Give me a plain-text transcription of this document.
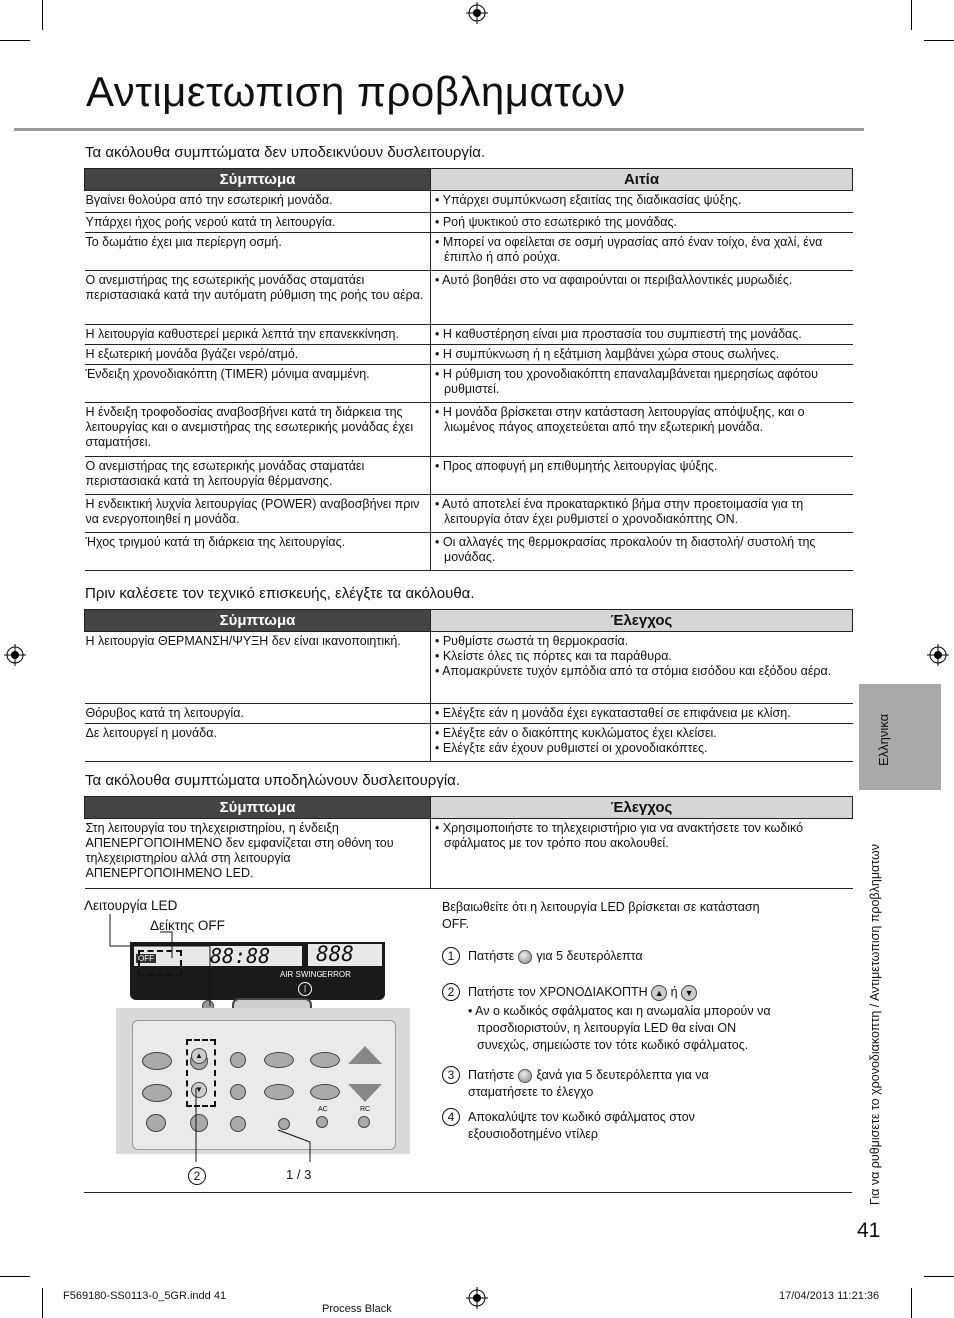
Αντιμετωπιση προβληματων
Τα ακόλουθα συμπτώματα δεν υποδεικνύουν δυσλειτουργία.
Σύμπτωμα	Αιτία
Βγαίνει θολούρα από την εσωτερική μονάδα.	• Υπάρχει συμπύκνωση εξαιτίας της διαδικασίας ψύξης.

Υπάρχει ήχος ροής νερού κατά τη λειτουργία.	• Ροή ψυκτικού στο εσωτερικό της μονάδας.

Το δωμάτιο έχει μια περίεργη οσμή.	• Μπορεί να οφείλεται σε οσμή υγρασίας από έναν τοίχο, ένα χαλί, ένα έπιπλο ή από ρούχα.

Ο ανεμιστήρας της εσωτερικής μονάδας σταματάει περιστασιακά κατά την αυτόματη ρύθμιση της ροής του αέρα.	• Αυτό βοηθάει στο να αφαιρούνται οι περιβαλλοντικές μυρωδιές.

Η λειτουργία καθυστερεί μερικά λεπτά την επανεκκίνηση.	• Η καθυστέρηση είναι μια προστασία του συμπιεστή της μονάδας.

Η εξωτερική μονάδα βγάζει νερό/ατμό.	• Η συμπύκνωση ή η εξάτμιση λαμβάνει χώρα στους σωλήνες.

Ένδειξη χρονοδιακόπτη (TIMER) μόνιμα αναμμένη.	• Η ρύθμιση του χρονοδιακόπτη επαναλαμβάνεται ημερησίως αφότου ρυθμιστεί.

Η ένδειξη τροφοδοσίας αναβοσβήνει κατά τη διάρκεια της λειτουργίας και ο ανεμιστήρας της εσωτερικής μονάδας έχει σταματήσει.	• Η μονάδα βρίσκεται στην κατάσταση λειτουργίας απόψυξης, και ο λιωμένος πάγος αποχετεύεται από την εξωτερική μονάδα.

Ο ανεμιστήρας της εσωτερικής μονάδας σταματάει περιστασιακά κατά τη λειτουργία θέρμανσης.	• Προς αποφυγή μη επιθυμητής λειτουργίας ψύξης.

Η ενδεικτική λυχνία λειτουργίας (POWER) αναβοσβήνει πριν να ενεργοποιηθεί η μονάδα.	• Αυτό αποτελεί ένα προκαταρκτικό βήμα στην προετοιμασία για τη λειτουργία όταν έχει ρυθμιστεί ο χρονοδιακόπτης ON.

Ήχος τριγμού κατά τη διάρκεια της λειτουργίας.	• Οι αλλαγές της θερμοκρασίας προκαλούν τη διαστολή/ συστολή της μονάδας.
Πριν καλέσετε τον τεχνικό επισκευής, ελέγξτε τα ακόλουθα.
Σύμπτωμα	Έλεγχος
Η λειτουργία ΘΕΡΜΑΝΣΗ/ΨΥΞΗ δεν είναι ικανοποιητική.	• Ρυθμίστε σωστά τη θερμοκρασία.
• Κλείστε όλες τις πόρτες και τα παράθυρα.
• Απομακρύνετε τυχόν εμπόδια από τα στόμια εισόδου και εξόδου αέρα.

Θόρυβος κατά τη λειτουργία.	• Ελέγξτε εάν η μονάδα έχει εγκατασταθεί σε επιφάνεια με κλίση.

Δε λειτουργεί η μονάδα.	• Ελέγξτε εάν ο διακόπτης κυκλώματος έχει κλείσει.
• Ελέγξτε εάν έχουν ρυθμιστεί οι χρονοδιακόπτες.
Τα ακόλουθα συμπτώματα υποδηλώνουν δυσλειτουργία.
Σύμπτωμα	Έλεγχος
Στη λειτουργία του τηλεχειριστηρίου, η ένδειξη ΑΠΕΝΕΡΓΟΠΟΙΗΜΕΝΟ δεν εμφανίζεται στη οθόνη του τηλεχειριστηρίου αλλά στη λειτουργία ΑΠΕΝΕΡΓΟΠΟΙΗΜΕΝΟ LED.	• Χρησιμοποιήστε το τηλεχειριστήριο για να ανακτήσετε τον κωδικό σφάλματος με τον τρόπο που ακολουθεί.
Λειτουργία LED
Δείκτης OFF
OFF	88:88 888
AIR SWING ERROR
|
▲
▼
AC	RC
2	1 / 3
Βεβαιωθείτε ότι η λειτουργία LED βρίσκεται σε κατάσταση OFF.
1	Πατήστε για 5 δευτερόλεπτα
2	Πατήστε τον ΧΡΟΝΟΔΙΑΚΟΠΤΗ ▲ ή ▼
• Αν ο κωδικός σφάλματος και η ανωμαλία μπορούν να προσδιοριστούν, η λειτουργία LED θα είναι ON συνεχώς, σημειώστε τον τότε κωδικό σφάλματος.
3	Πατήστε ξανά για 5 δευτερόλεπτα για να σταματήσετε το έλεγχο
4	Αποκαλύψτε τον κωδικό σφάλματος στον εξουσιοδοτημένο ντίλερ
Ελληνικα
Για να ρυθμισετε το χρονοδιακοπτη / Αντιμετωπιση προβληματων
41
F569180-SS0113-0_5GR.indd 41
Process Black
17/04/2013 11:21:36
